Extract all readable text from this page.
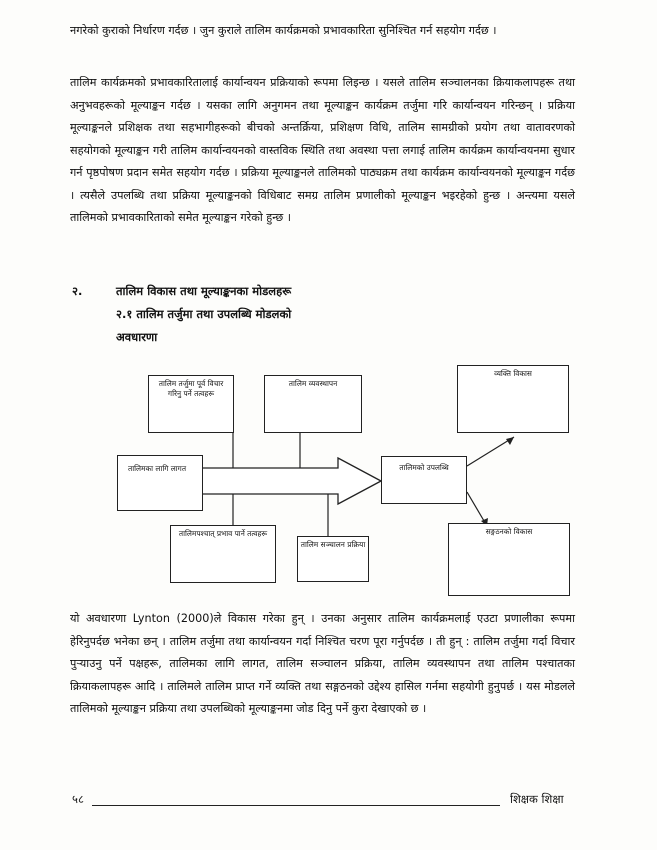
नगरेको कुराको निर्धारण गर्दछ । जुन कुराले तालिम कार्यक्रमको प्रभावकारिता सुनिश्चित गर्न सहयोग गर्दछ ।

तालिम कार्यक्रमको प्रभावकारितालाई कार्यान्वयन प्रक्रियाको रूपमा लिइन्छ । यसले तालिम सञ्चालनका क्रियाकलापहरू तथा अनुभवहरूको मूल्याङ्कन गर्दछ । यसका लागि अनुगमन तथा मूल्याङ्कन कार्यक्रम तर्जुमा गरि कार्यान्वयन गरिन्छन् । प्रक्रिया मूल्याङ्कनले प्रशिक्षक तथा सहभागीहरूको बीचको अन्तर्क्रिया, प्रशिक्षण विधि, तालिम सामग्रीको प्रयोग तथा वातावरणको सहयोगको मूल्याङ्कन गरी तालिम कार्यान्वयनको वास्तविक स्थिति तथा अवस्था पत्ता लगाई तालिम कार्यक्रम कार्यान्वयनमा सुधार गर्न पृष्ठपोषण प्रदान समेत सहयोग गर्दछ । प्रक्रिया मूल्याङ्कनले तालिमको पाठ्यक्रम तथा कार्यक्रम कार्यान्वयनको मूल्याङ्कन गर्दछ । त्यसैले उपलब्धि तथा प्रक्रिया मूल्याङ्कनको विधिबाट समग्र तालिम प्रणालीको मूल्याङ्कन भइरहेको हुन्छ । अन्त्यमा यसले तालिमको प्रभावकारिताको समेत मूल्याङ्कन गरेको हुन्छ ।

२.	तालिम विकास तथा मूल्याङ्कनका मोडलहरू
२.१ तालिम तर्जुमा तथा उपलब्धि मोडलको
अवधारणा
तालिम तर्जुमा पूर्व विचार गरिनु पर्ने तत्वहरू
तालिम व्यवस्थापन
तालिमका लागि लागत
तालिमपश्चात् प्रभाव पार्ने तत्वहरू
तालिम सञ्चालन प्रक्रिया
तालिमको उपलब्धि
व्यक्ति विकास
सङ्गठनको विकास

यो अवधारणा Lynton (2000)ले विकास गरेका हुन् । उनका अनुसार तालिम कार्यक्रमलाई एउटा प्रणालीका रूपमा हेरिनुपर्दछ भनेका छन् । तालिम तर्जुमा तथा कार्यान्वयन गर्दा निश्चित चरण पूरा गर्नुपर्दछ । ती हुन् : तालिम तर्जुमा गर्दा विचार पुऱ्याउनु पर्ने पक्षहरू, तालिमका लागि लागत, तालिम सञ्चालन प्रक्रिया, तालिम व्यवस्थापन तथा तालिम पश्चातका क्रियाकलापहरू आदि । तालिमले तालिम प्राप्त गर्ने व्यक्ति तथा सङ्गठनको उद्देश्य हासिल गर्नमा सहयोगी हुनुपर्छ । यस मोडलले तालिमको मूल्याङ्कन प्रक्रिया तथा उपलब्धिको मूल्याङ्कनमा जोड दिनु पर्ने कुरा देखाएको छ ।

५८	शिक्षक शिक्षा
